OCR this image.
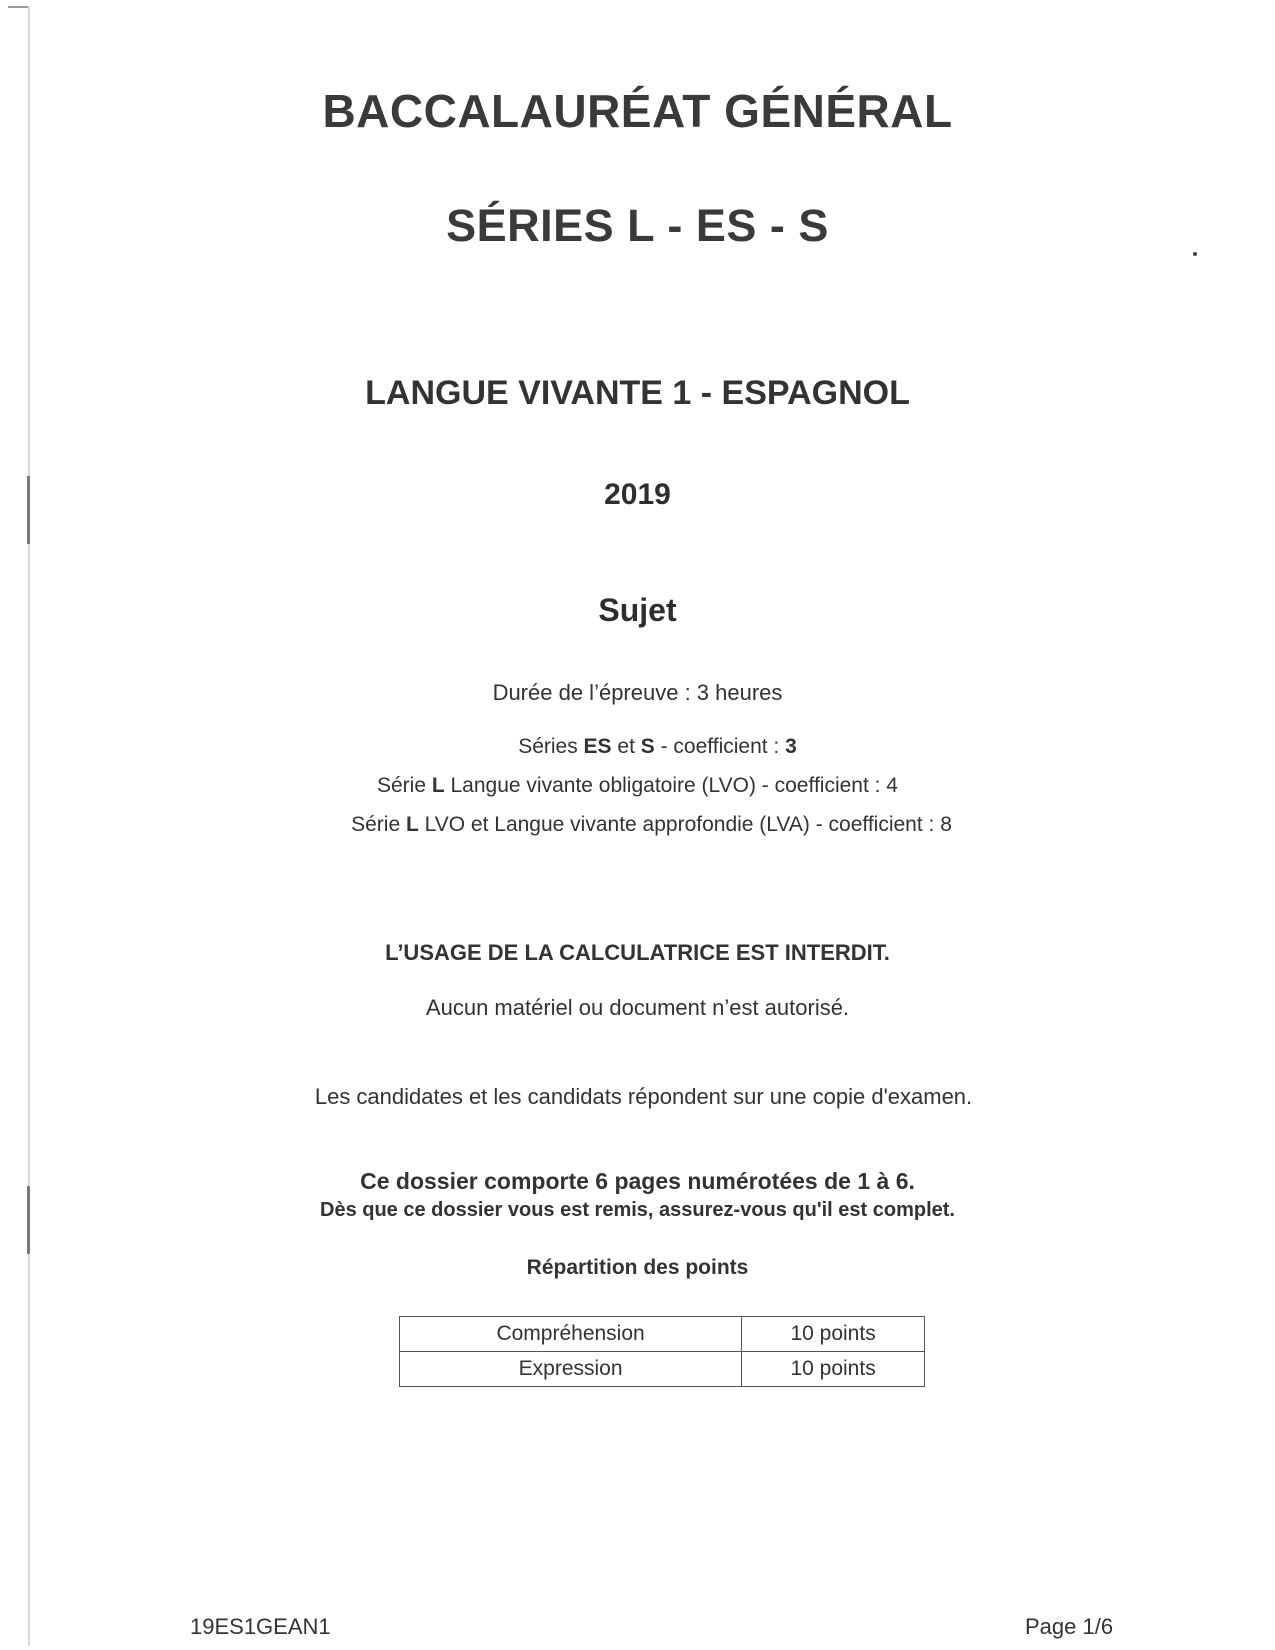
BACCALAURÉAT GÉNÉRAL
SÉRIES L - ES - S
LANGUE VIVANTE 1 - ESPAGNOL
2019
Sujet
Durée de l’épreuve : 3 heures
Séries ES et S - coefficient : 3
Série L Langue vivante obligatoire (LVO) - coefficient : 4
Série L LVO et Langue vivante approfondie (LVA) - coefficient : 8
L’USAGE DE LA CALCULATRICE EST INTERDIT.
Aucun matériel ou document n’est autorisé.
Les candidates et les candidats répondent sur une copie d'examen.
Ce dossier comporte 6 pages numérotées de 1 à 6.
Dès que ce dossier vous est remis, assurez-vous qu'il est complet.
Répartition des points
Compréhension	10 points
Expression	10 points
19ES1GEAN1	Page 1/6
